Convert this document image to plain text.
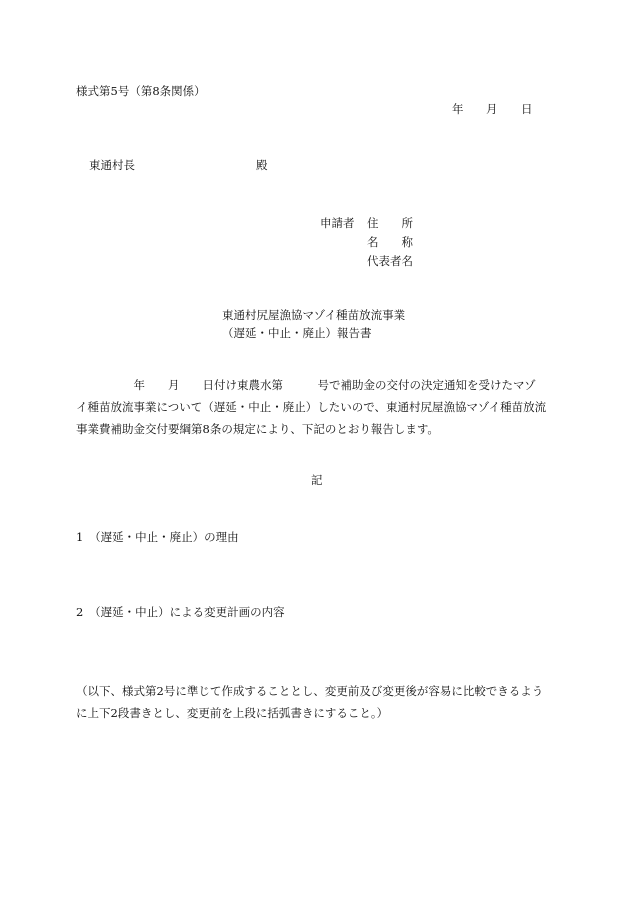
様式第5号（第8条関係）
年 月 日
東通村長	殿
申請者 住　　所
名　　称
代表者名
東通村尻屋漁協マゾイ種苗放流事業
（遅延・中止・廃止）報告書
　　　　　年　　月　　日付け東農水第　　　号で補助金の交付の決定通知を受けたマゾ
イ種苗放流事業について（遅延・中止・廃止）したいので、東通村尻屋漁協マゾイ種苗放流
事業費補助金交付要綱第8条の規定により、下記のとおり報告します。
記
1　（遅延・中止・廃止）の理由
2　（遅延・中止）による変更計画の内容
（以下、様式第2号に準じて作成することとし、変更前及び変更後が容易に比較できるよう
に上下2段書きとし、変更前を上段に括弧書きにすること。）
